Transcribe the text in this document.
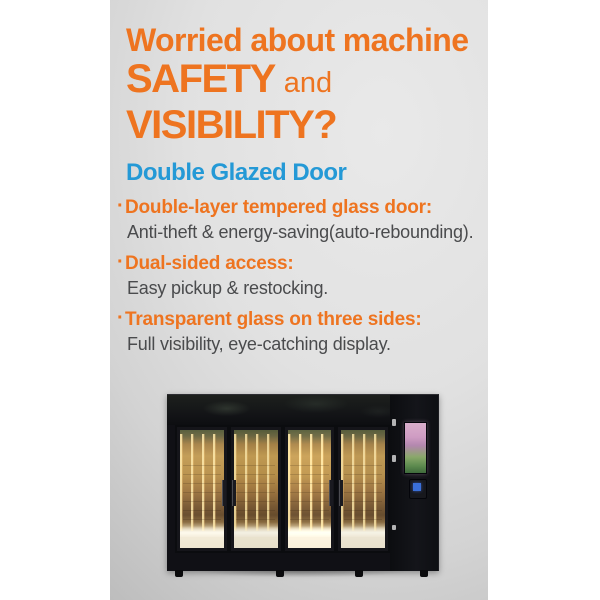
Worried about machine
SAFETY and
VISIBILITY?
Double Glazed Door
·Double-layer tempered glass door:
Anti-theft & energy-saving(auto-rebounding).
·Dual-sided access:
Easy pickup & restocking.
·Transparent glass on three sides:
Full visibility, eye-catching display.
